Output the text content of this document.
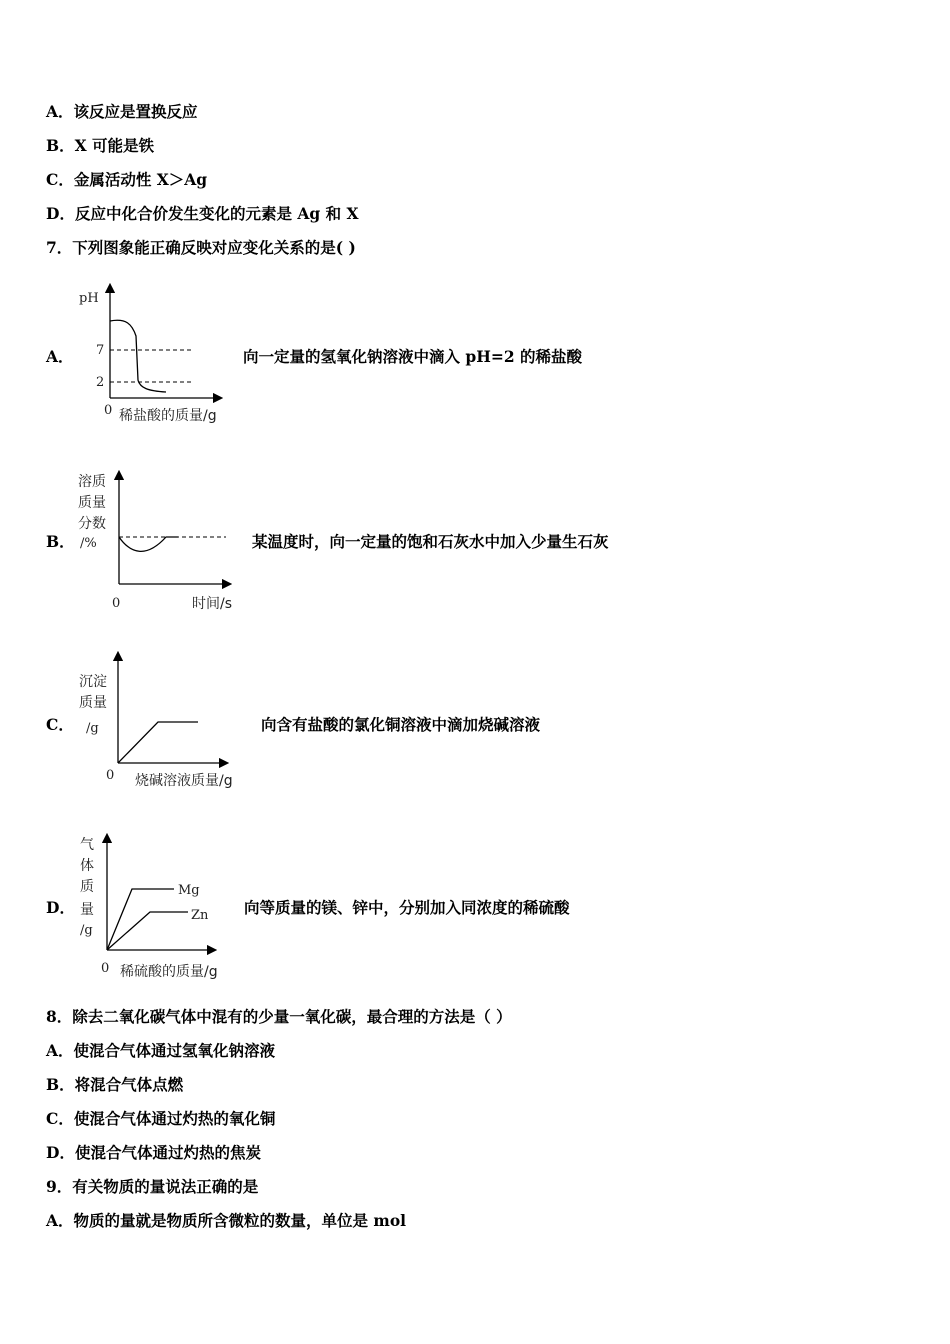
A．该反应是置换反应
B．X 可能是铁
C．金属活动性 X＞Ag
D．反应中化合价发生变化的元素是 Ag 和 X
7．下列图象能正确反映对应变化关系的是( )
A．
pH
7
2
0 稀盐酸的质量/g
向一定量的氢氧化钠溶液中滴入 pH=2 的稀盐酸
B．
溶质
质量
分数
/%
0	时间/s
某温度时，向一定量的饱和石灰水中加入少量生石灰
C．
沉淀
质量
/g
0 烧碱溶液质量/g
向含有盐酸的氯化铜溶液中滴加烧碱溶液
D．
Mg
Zn
气
体
质
量
/g
0 稀硫酸的质量/g
向等质量的镁、锌中，分别加入同浓度的稀硫酸
8．除去二氧化碳气体中混有的少量一氧化碳，最合理的方法是（ ）
A．使混合气体通过氢氧化钠溶液
B．将混合气体点燃
C．使混合气体通过灼热的氧化铜
D．使混合气体通过灼热的焦炭
9．有关物质的量说法正确的是
A．物质的量就是物质所含微粒的数量，单位是 mol
